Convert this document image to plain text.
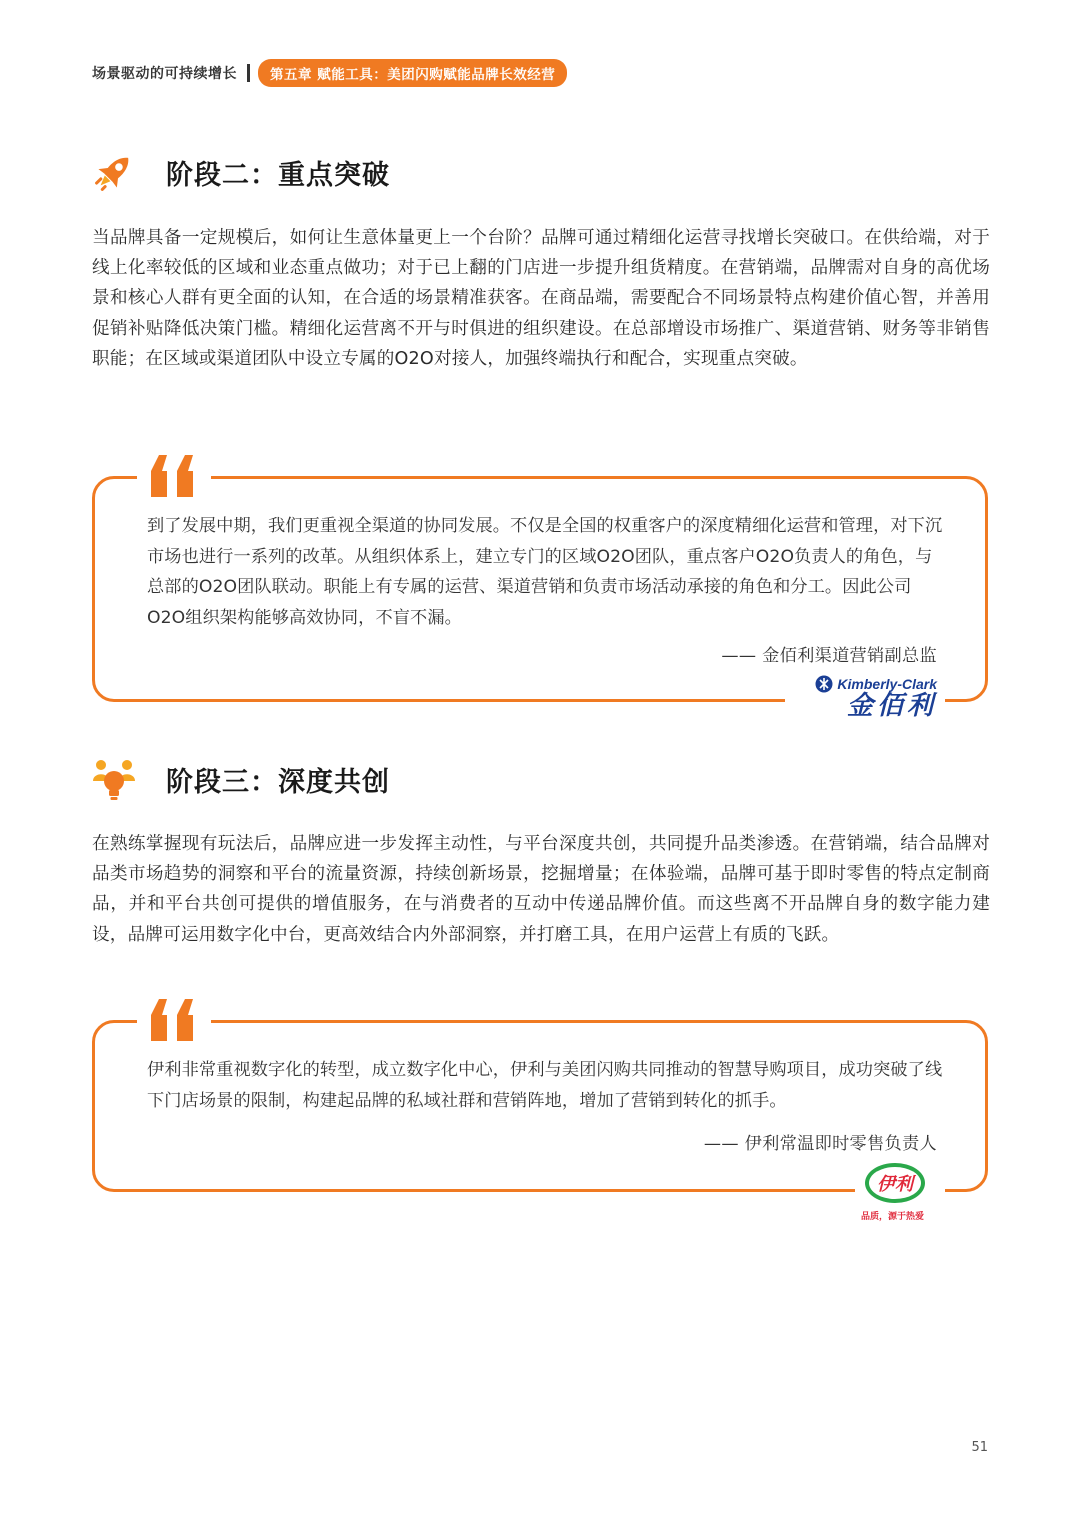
场景驱动的可持续增长	第五章 赋能工具：美团闪购赋能品牌长效经营
阶段二：重点突破

当品牌具备一定规模后，如何让生意体量更上一个台阶？品牌可通过精细化运营寻找增长突破口。在供给端，对于线上化率较低的区域和业态重点做功；对于已上翻的门店进一步提升组货精度。在营销端，品牌需对自身的高优场景和核心人群有更全面的认知，在合适的场景精准获客。在商品端，需要配合不同场景特点构建价值心智，并善用促销补贴降低决策门槛。精细化运营离不开与时俱进的组织建设。在总部增设市场推广、渠道营销、财务等非销售职能；在区域或渠道团队中设立专属的O2O对接人，加强终端执行和配合，实现重点突破。

到了发展中期，我们更重视全渠道的协同发展。不仅是全国的权重客户的深度精细化运营和管理，对下沉市场也进行一系列的改革。从组织体系上，建立专门的区域O2O团队，重点客户O2O负责人的角色，与总部的O2O团队联动。职能上有专属的运营、渠道营销和负责市场活动承接的角色和分工。因此公司O2O组织架构能够高效协同，不盲不漏。

—— 金佰利渠道营销副总监
Kimberly-Clark
金佰利
阶段三：深度共创

在熟练掌握现有玩法后，品牌应进一步发挥主动性，与平台深度共创，共同提升品类渗透。在营销端，结合品牌对品类市场趋势的洞察和平台的流量资源，持续创新场景，挖掘增量；在体验端，品牌可基于即时零售的特点定制商品，并和平台共创可提供的增值服务，在与消费者的互动中传递品牌价值。而这些离不开品牌自身的数字能力建设，品牌可运用数字化中台，更高效结合内外部洞察，并打磨工具，在用户运营上有质的飞跃。

伊利非常重视数字化的转型，成立数字化中心，伊利与美团闪购共同推动的智慧导购项目，成功突破了线下门店场景的限制，构建起品牌的私域社群和营销阵地，增加了营销到转化的抓手。

—— 伊利常温即时零售负责人
伊利
品质，源于热爱
51
